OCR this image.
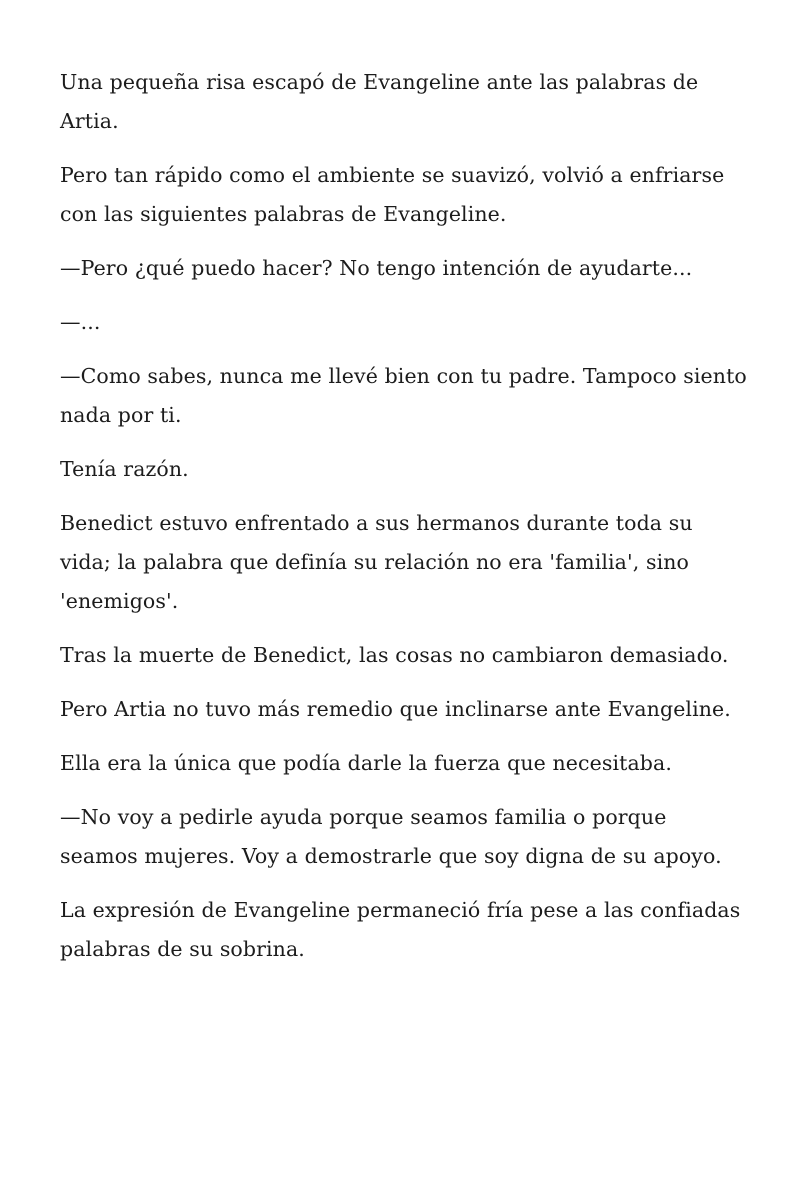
Una pequeña risa escapó de Evangeline ante las palabras de Artia.

Pero tan rápido como el ambiente se suavizó, volvió a enfriarse con las siguientes palabras de Evangeline.

—Pero ¿qué puedo hacer? No tengo intención de ayudarte...

—...

—Como sabes, nunca me llevé bien con tu padre. Tampoco siento nada por ti.

Tenía razón.

Benedict estuvo enfrentado a sus hermanos durante toda su vida; la palabra que definía su relación no era 'familia', sino 'enemigos'.

Tras la muerte de Benedict, las cosas no cambiaron demasiado.

Pero Artia no tuvo más remedio que inclinarse ante Evangeline.

Ella era la única que podía darle la fuerza que necesitaba.

—No voy a pedirle ayuda porque seamos familia o porque seamos mujeres. Voy a demostrarle que soy digna de su apoyo.

La expresión de Evangeline permaneció fría pese a las confiadas palabras de su sobrina.
